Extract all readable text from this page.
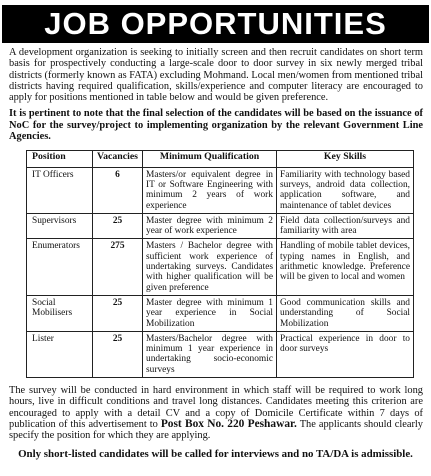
JOB OPPORTUNITIES

A development organization is seeking to initially screen and then recruit candidates on short term basis for prospectively conducting a large-scale door to door survey in six newly merged tribal districts (formerly known as FATA) excluding Mohmand. Local men/women from mentioned tribal districts having required qualification, skills/experience and computer literacy are encouraged to apply for positions mentioned in table below and would be given preference.

It is pertinent to note that the final selection of the candidates will be based on the issuance of NoC for the survey/project to implementing organization by the relevant Government Line Agencies.

Position	Vacancies	Minimum Qualification	Key Skills
IT Officers	6	Masters/or equivalent degree in IT or Software Engineering with minimum 2 years of work experience	Familiarity with technology based surveys, android data collection, application software, and maintenance of tablet devices
Supervisors	25	Master degree with minimum 2 year of work experience	Field data collection/surveys and familiarity with area
Enumerators	275	Masters / Bachelor degree with sufficient work experience of undertaking surveys. Candidates with higher qualification will be given preference	Handling of mobile tablet devices, typing names in English, and arithmetic knowledge. Preference will be given to local and women
Social Mobilisers	25	Master degree with minimum 1 year experience in Social Mobilization	Good communication skills and understanding of Social Mobilization
Lister	25	Masters/Bachelor degree with minimum 1 year experience in undertaking socio-economic surveys	Practical experience in door to door surveys

The survey will be conducted in hard environment in which staff will be required to work long hours, live in difficult conditions and travel long distances. Candidates meeting this criterion are encouraged to apply with a detail CV and a copy of Domicile Certificate within 7 days of publication of this advertisement to Post Box No. 220 Peshawar. The applicants should clearly specify the position for which they are applying.

Only short-listed candidates will be called for interviews and no TA/DA is admissible.
